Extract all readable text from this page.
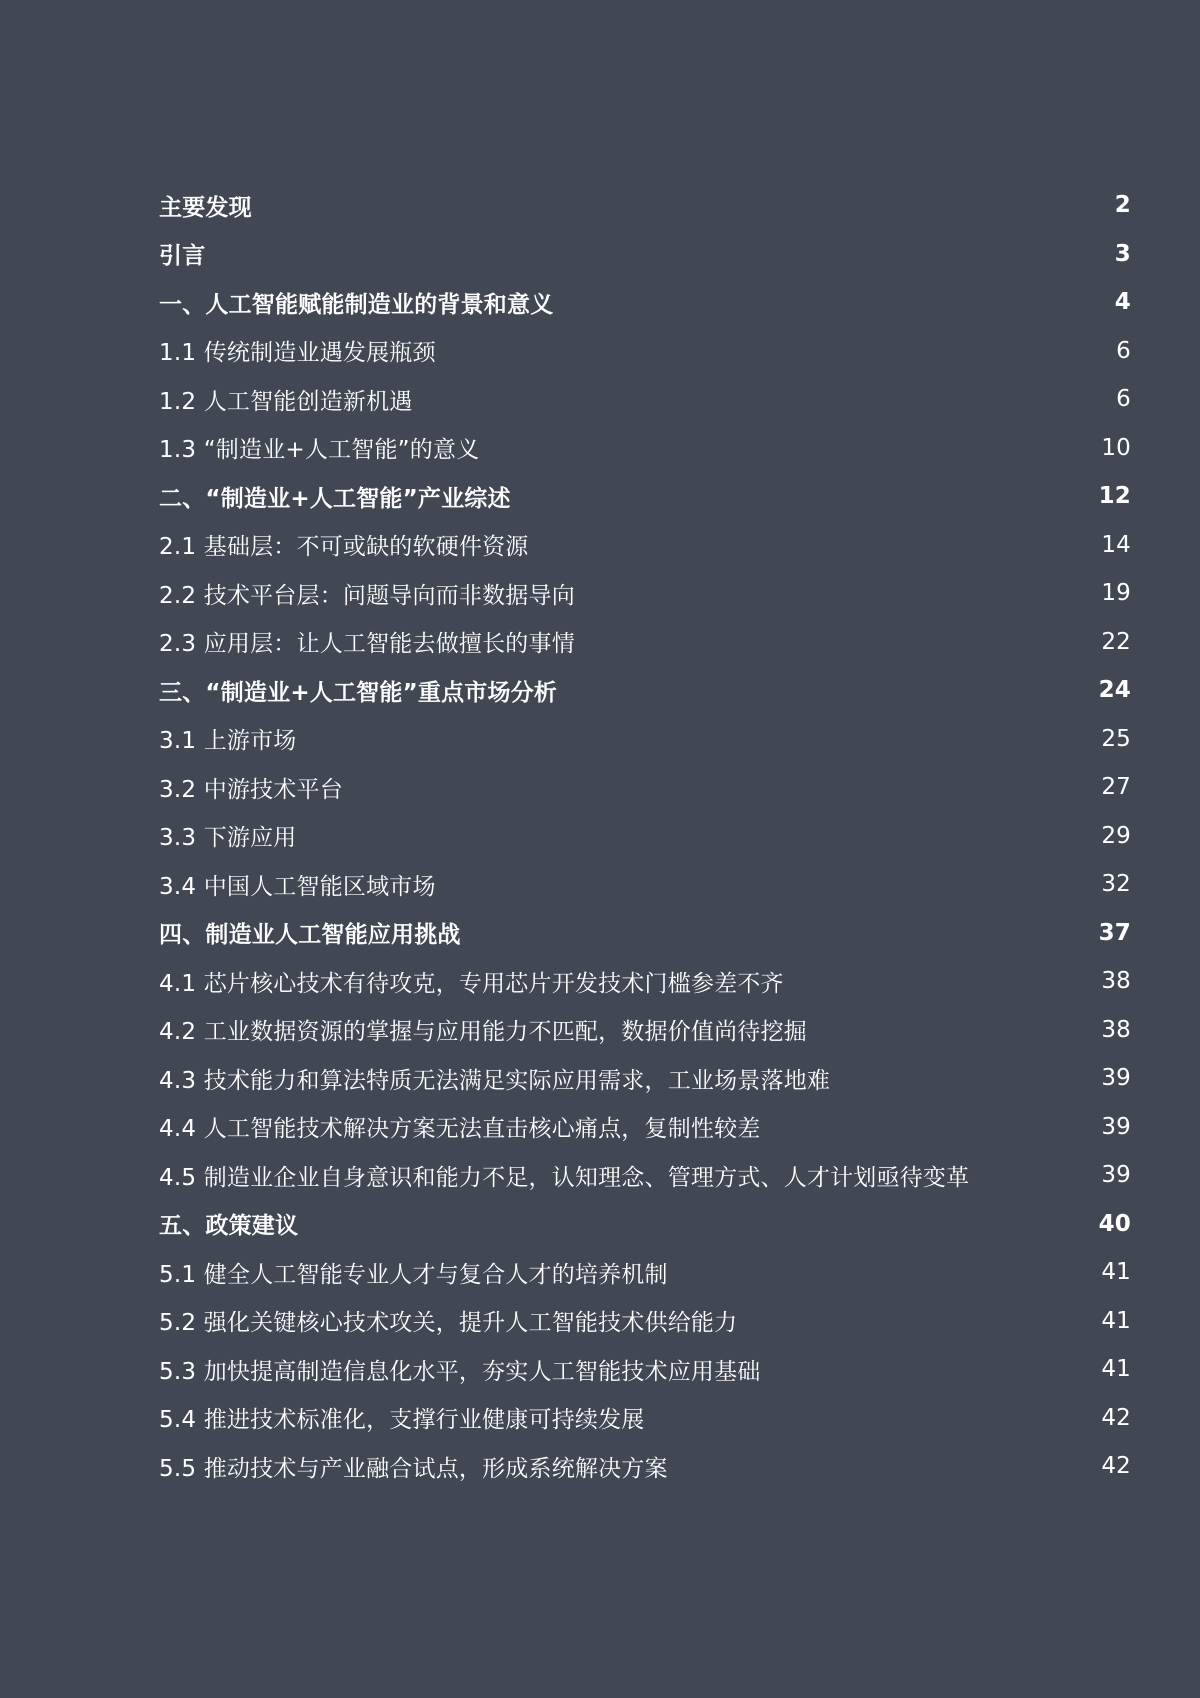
主要发现	2
引言	3
一、人工智能赋能制造业的背景和意义	4
1.1 传统制造业遇发展瓶颈	6
1.2 人工智能创造新机遇	6
1.3 “制造业+人工智能”的意义	10
二、“制造业+人工智能”产业综述	12
2.1 基础层：不可或缺的软硬件资源	14
2.2 技术平台层：问题导向而非数据导向	19
2.3 应用层：让人工智能去做擅长的事情	22
三、“制造业+人工智能”重点市场分析	24
3.1 上游市场	25
3.2 中游技术平台	27
3.3 下游应用	29
3.4 中国人工智能区域市场	32
四、制造业人工智能应用挑战	37
4.1 芯片核心技术有待攻克，专用芯片开发技术门槛参差不齐	38
4.2 工业数据资源的掌握与应用能力不匹配，数据价值尚待挖掘	38
4.3 技术能力和算法特质无法满足实际应用需求，工业场景落地难	39
4.4 人工智能技术解决方案无法直击核心痛点，复制性较差	39
4.5 制造业企业自身意识和能力不足，认知理念、管理方式、人才计划亟待变革	39
五、政策建议	40
5.1 健全人工智能专业人才与复合人才的培养机制	41
5.2 强化关键核心技术攻关，提升人工智能技术供给能力	41
5.3 加快提高制造信息化水平，夯实人工智能技术应用基础	41
5.4 推进技术标准化，支撑行业健康可持续发展	42
5.5 推动技术与产业融合试点，形成系统解决方案	42
